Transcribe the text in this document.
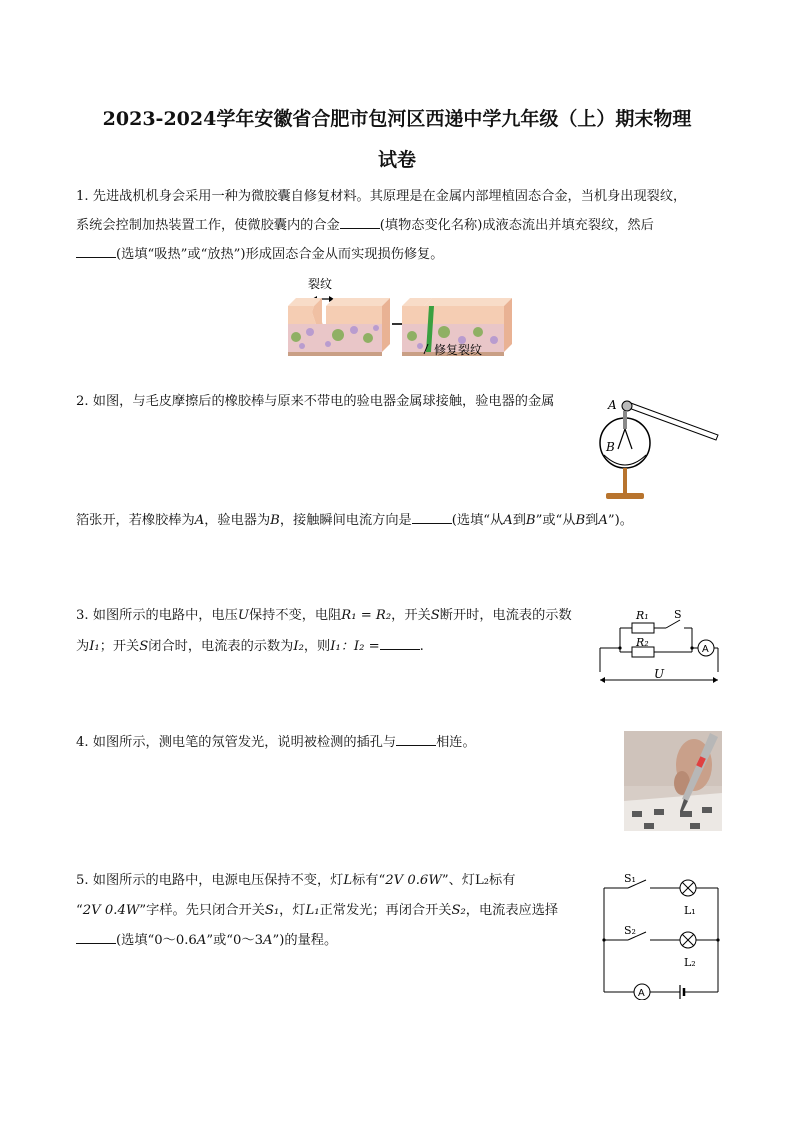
2023-2024学年安徽省合肥市包河区西递中学九年级（上）期末物理
试卷
1. 先进战机机身会采用一种为微胶囊自修复材料。其原理是在金属内部埋植固态合金，当机身出现裂纹，
系统会控制加热装置工作，使微胶囊内的合金	(填物态变化名称)成液态流出并填充裂纹，然后
(选填“吸热”或“放热”)形成固态合金从而实现损伤修复。
裂纹
修复裂纹
2. 如图，与毛皮摩擦后的橡胶棒与原来不带电的验电器金属球接触，验电器的金属
箔张开，若橡胶棒为A，验电器为B，接触瞬间电流方向是	(选填“从A到B”或“从B到A”)。
A
B
3. 如图所示的电路中，电压U保持不变，电阻R₁ = R₂，开关S断开时，电流表的示数
为I₁；开关S闭合时，电流表的示数为I₂，则I₁：I₂ =	.
R₁
R₂
S
A
U
4. 如图所示，测电笔的氖管发光，说明被检测的插孔与	相连。
5. 如图所示的电路中，电源电压保持不变，灯L标有“2V 0.6W”、灯L₂标有
“2V 0.4W”字样。先只闭合开关S₁，灯L₁正常发光；再闭合开关S₂，电流表应选择
(选填“0～0.6A”或“0～3A”)的量程。
S₁
L₁
S₂
L₂
A
